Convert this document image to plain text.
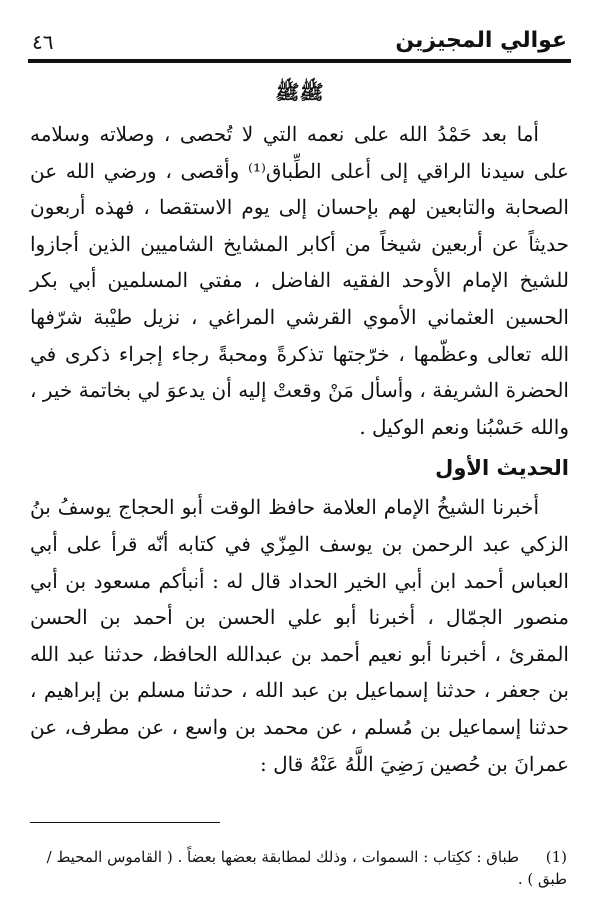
عوالي المجيزين
٤٦
ﷺﷺ

أما بعد حَمْدُ الله على نعمه التي لا تُحصى ، وصلاته وسلامه على سيدنا الراقي إلى أعلى الطِّباق⁽¹⁾ وأقصى ، ورضي الله عن الصحابة والتابعين لهم بإحسان إلى يوم الاستقصا ، فهذه أربعون حديثاً عن أربعين شيخاً من أكابر المشايخ الشاميين الذين أجازوا للشيخ الإمام الأوحد الفقيه الفاضل ، مفتي المسلمين أبي بكر الحسين العثماني الأموي القرشي المراغي ، نزيل طيْبة شرّفها الله تعالى وعظّمها ، خرّجتها تذكرةً ومحبةً رجاء إجراء ذكرى في الحضرة الشريفة ، وأسأل مَنْ وقعتْ إليه أن يدعوَ لي بخاتمة خير ، والله حَسْبُنا ونعم الوكيل .

الحديث الأول

أخبرنا الشيخُ الإمام العلامة حافظ الوقت أبو الحجاج يوسفُ بنُ الزكي عبد الرحمن بن يوسف المِزّي في كتابه أنّه قرأ على أبي العباس أحمد ابن أبي الخير الحداد قال له : أنبأكم مسعود بن أبي منصور الجمّال ، أخبرنا أبو علي الحسن بن أحمد بن الحسن المقرئ ، أخبرنا أبو نعيم أحمد بن عبدالله الحافظ، حدثنا عبد الله بن جعفر ، حدثنا إسماعيل بن عبد الله ، حدثنا مسلم بن إبراهيم ، حدثنا إسماعيل بن مُسلم ، عن محمد بن واسع ، عن مطرف، عن عمرانَ بن حُصين رَضِيَ اللَّهُ عَنْهُ قال :

(1) طباق : ككِتاب : السموات ، وذلك لمطابقة بعضها بعضاً . ( القاموس المحيط / طبق ) .
